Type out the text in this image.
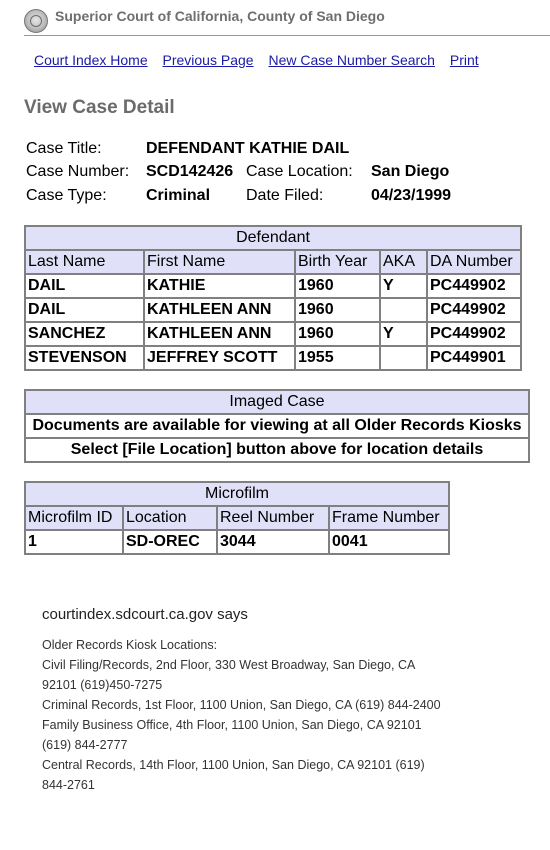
Superior Court of California, County of San Diego
Court Index Home Previous Page New Case Number Search Print
View Case Detail
Case Title:	DEFENDANT KATHIE DAIL		
Case Number:	SCD142426	Case Location:	San Diego
Case Type:	Criminal	Date Filed:	04/23/1999
Defendant				
Last Name	First Name	Birth Year	AKA	DA Number
DAIL	KATHIE	1960	Y	PC449902
DAIL	KATHLEEN ANN	1960		PC449902
SANCHEZ	KATHLEEN ANN	1960	Y	PC449902
STEVENSON	JEFFREY SCOTT	1955		PC449901
Imaged Case
Documents are available for viewing at all Older Records Kiosks
Select [File Location] button above for location details
Microfilm			
Microfilm ID	Location	Reel Number	Frame Number
1	SD-OREC	3044	0041
courtindex.sdcourt.ca.gov says
Older Records Kiosk Locations:
Civil Filing/Records, 2nd Floor, 330 West Broadway, San Diego, CA
92101 (619)450-7275
Criminal Records, 1st Floor, 1100 Union, San Diego, CA (619) 844-2400
Family Business Office, 4th Floor, 1100 Union, San Diego, CA 92101
(619) 844-2777
Central Records, 14th Floor, 1100 Union, San Diego, CA 92101 (619)
844-2761
